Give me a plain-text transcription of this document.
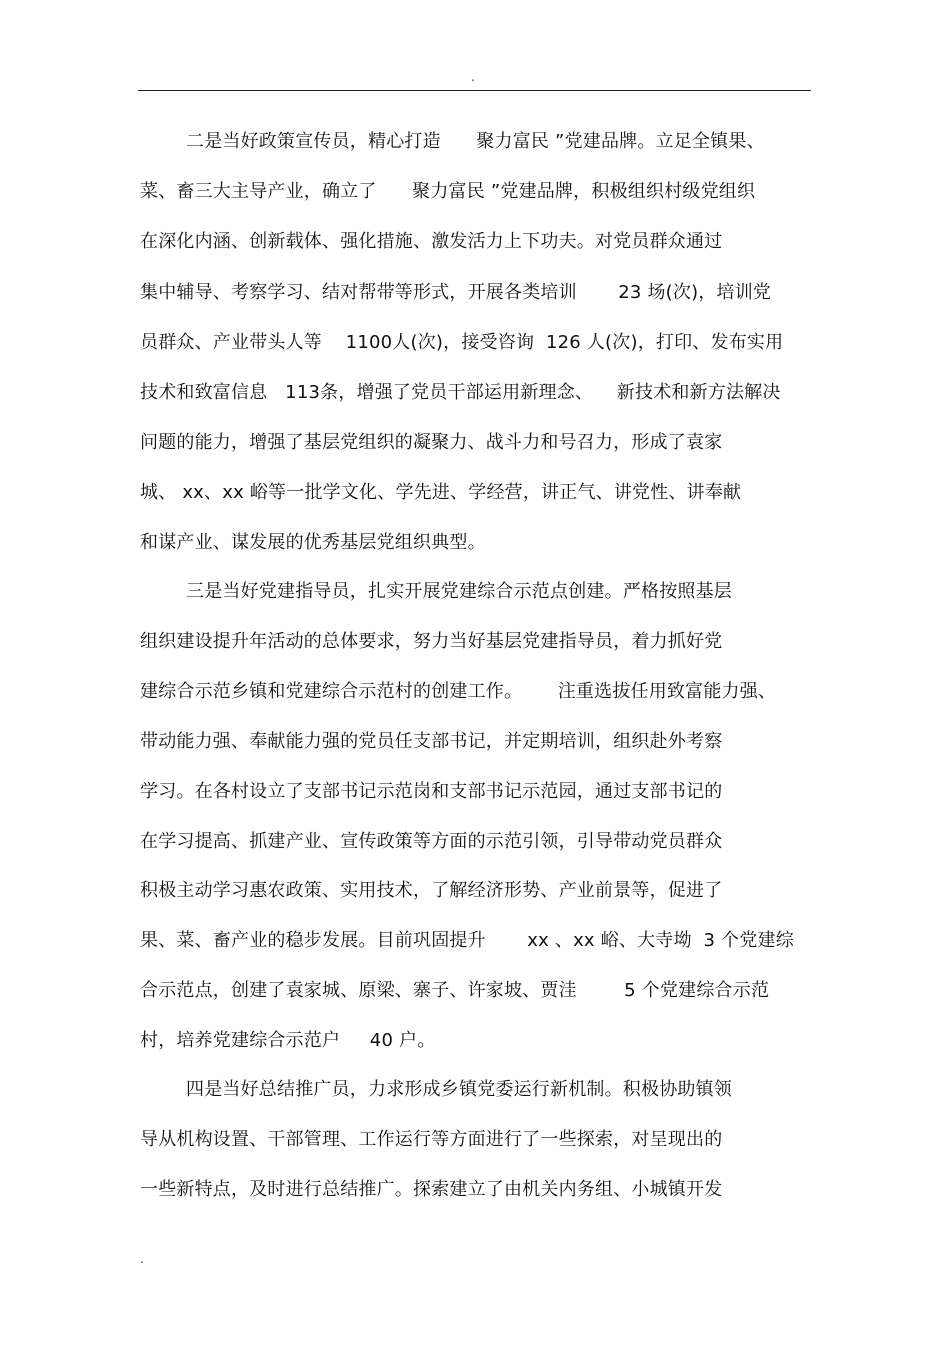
.
二是当好政策宣传员，精心打造      聚力富民 ”党建品牌。立足全镇果、
菜、畜三大主导产业，确立了      聚力富民 ”党建品牌，积极组织村级党组织
在深化内涵、创新载体、强化措施、激发活力上下功夫。对党员群众通过
集中辅导、考察学习、结对帮带等形式，开展各类培训       23 场(次)，培训党
员群众、产业带头人等    1100人(次)，接受咨询  126 人(次)，打印、发布实用
技术和致富信息   113条，增强了党员干部运用新理念、    新技术和新方法解决
问题的能力，增强了基层党组织的凝聚力、战斗力和号召力，形成了袁家
城、 xx、xx 峪等一批学文化、学先进、学经营，讲正气、讲党性、讲奉献
和谋产业、谋发展的优秀基层党组织典型。
三是当好党建指导员，扎实开展党建综合示范点创建。严格按照基层
组织建设提升年活动的总体要求，努力当好基层党建指导员，着力抓好党
建综合示范乡镇和党建综合示范村的创建工作。      注重选拔任用致富能力强、
带动能力强、奉献能力强的党员任支部书记，并定期培训，组织赴外考察
学习。在各村设立了支部书记示范岗和支部书记示范园，通过支部书记的
在学习提高、抓建产业、宣传政策等方面的示范引领，引导带动党员群众
积极主动学习惠农政策、实用技术，了解经济形势、产业前景等，促进了
果、菜、畜产业的稳步发展。目前巩固提升       xx 、xx 峪、大寺坳  3 个党建综
合示范点，创建了袁家城、原梁、寨子、许家坡、贾洼        5 个党建综合示范
村，培养党建综合示范户     40 户。
四是当好总结推广员，力求形成乡镇党委运行新机制。积极协助镇领
导从机构设置、干部管理、工作运行等方面进行了一些探索，对呈现出的
一些新特点，及时进行总结推广。探索建立了由机关内务组、小城镇开发
.
